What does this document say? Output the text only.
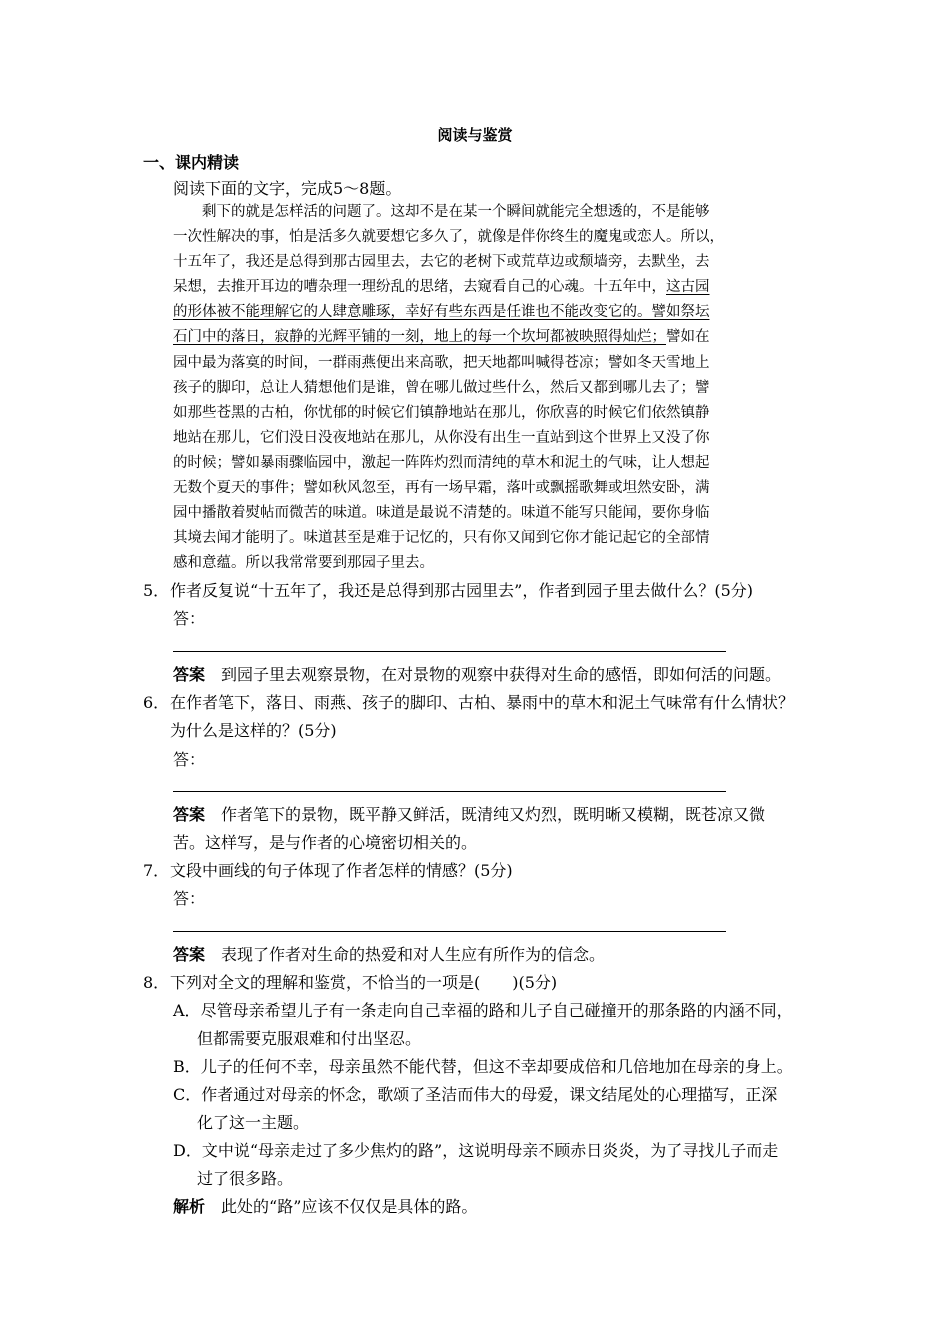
阅读与鉴赏
一、课内精读
阅读下面的文字，完成5～8题。
　　剩下的就是怎样活的问题了。这却不是在某一个瞬间就能完全想透的，不是能够
一次性解决的事，怕是活多久就要想它多久了，就像是伴你终生的魔鬼或恋人。所以，
十五年了，我还是总得到那古园里去，去它的老树下或荒草边或颓墙旁，去默坐，去
呆想，去推开耳边的嘈杂理一理纷乱的思绪，去窥看自己的心魂。十五年中，这古园
的形体被不能理解它的人肆意雕琢，幸好有些东西是任谁也不能改变它的。譬如祭坛
石门中的落日，寂静的光辉平铺的一刻，地上的每一个坎坷都被映照得灿烂；譬如在
园中最为落寞的时间，一群雨燕便出来高歌，把天地都叫喊得苍凉；譬如冬天雪地上
孩子的脚印，总让人猜想他们是谁，曾在哪儿做过些什么，然后又都到哪儿去了；譬
如那些苍黑的古柏，你忧郁的时候它们镇静地站在那儿，你欣喜的时候它们依然镇静
地站在那儿，它们没日没夜地站在那儿，从你没有出生一直站到这个世界上又没了你
的时候；譬如暴雨骤临园中，激起一阵阵灼烈而清纯的草木和泥土的气味，让人想起
无数个夏天的事件；譬如秋风忽至，再有一场早霜，落叶或飘摇歌舞或坦然安卧，满
园中播散着熨帖而微苦的味道。味道是最说不清楚的。味道不能写只能闻，要你身临
其境去闻才能明了。味道甚至是难于记忆的，只有你又闻到它你才能记起它的全部情
感和意蕴。所以我常常要到那园子里去。
5． 作者反复说“十五年了，我还是总得到那古园里去”，作者到园子里去做什么？(5分)
答：
答案　 到园子里去观察景物，在对景物的观察中获得对生命的感悟，即如何活的问题。
6． 在作者笔下，落日、雨燕、孩子的脚印、古柏、暴雨中的草木和泥土气味常有什么情状？
为什么是这样的？(5分)
答：
答案　 作者笔下的景物，既平静又鲜活，既清纯又灼烈，既明晰又模糊，既苍凉又微
苦。这样写，是与作者的心境密切相关的。
7． 文段中画线的句子体现了作者怎样的情感？(5分)
答：
答案　 表现了作者对生命的热爱和对人生应有所作为的信念。
8． 下列对全文的理解和鉴赏，不恰当的一项是(　　)(5分)
A．尽管母亲希望儿子有一条走向自己幸福的路和儿子自己碰撞开的那条路的内涵不同，
但都需要克服艰难和付出坚忍。
B．儿子的任何不幸，母亲虽然不能代替，但这不幸却要成倍和几倍地加在母亲的身上。
C．作者通过对母亲的怀念，歌颂了圣洁而伟大的母爱，课文结尾处的心理描写，正深
化了这一主题。
D．文中说“母亲走过了多少焦灼的路”，这说明母亲不顾赤日炎炎，为了寻找儿子而走
过了很多路。
解析　 此处的“路”应该不仅仅是具体的路。
